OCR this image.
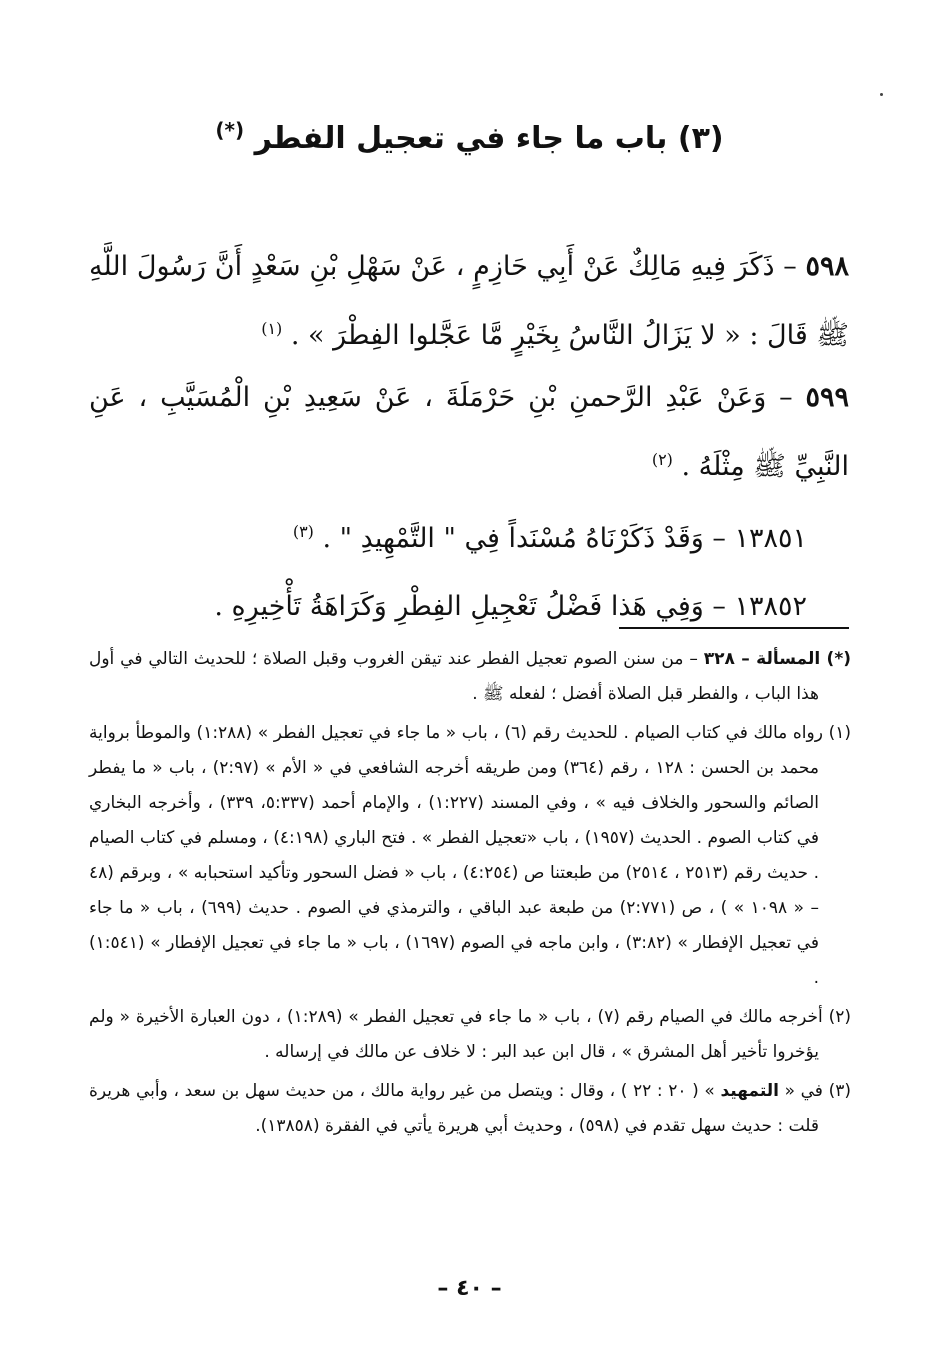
(٣) باب ما جاء في تعجيل الفطر (*)

٥٩٨ – ذَكَرَ فِيهِ مَالِكٌ عَنْ أَبِي حَازِمٍ ، عَنْ سَهْلِ بْنِ سَعْدٍ أَنَّ رَسُولَ اللَّهِ ﷺ قَالَ : « لا يَزَالُ النَّاسُ بِخَيْرٍ مَّا عَجَّلوا الفِطْرَ » . $^{(١)}$

٥٩٩ – وَعَنْ عَبْدِ الرَّحمنِ بْنِ حَرْمَلَةَ ، عَنْ سَعِيدِ بْنِ الْمُسَيَّبِ ، عَنِ النَّبِيِّ ﷺ مِثْلَهُ . $^{(٢)}$

١٣٨٥١ – وَقَدْ ذَكَرْنَاهُ مُسْنَداً فِي " التَّمْهِيدِ " . $^{(٣)}$

١٣٨٥٢ – وَفِي هَذا فَضْلُ تَعْجِيلِ الفِطْرِ وَكَرَاهَةُ تَأْخِيرِهِ .

(*) المسألة – ٣٢٨ – من سنن الصوم تعجيل الفطر عند تيقن الغروب وقبل الصلاة ؛ للحديث التالي في أول هذا الباب ، والفطر قبل الصلاة أفضل ؛ لفعله ﷺ .

(١) رواه مالك في كتاب الصيام . للحديث رقم (٦) ، باب « ما جاء في تعجيل الفطر » (١:٢٨٨) والموطأ برواية محمد بن الحسن : ١٢٨ ، رقم (٣٦٤) ومن طريقه أخرجه الشافعي في « الأم » (٢:٩٧) ، باب « ما يفطر الصائم والسحور والخلاف فيه » ، وفي المسند (١:٢٢٧) ، والإمام أحمد (٥:٣٣٧، ٣٣٩) ، وأخرجه البخاري في كتاب الصوم . الحديث (١٩٥٧) ، باب «تعجيل الفطر » . فتح الباري (٤:١٩٨) ، ومسلم في كتاب الصيام . حديث رقم (٢٥١٣ ، ٢٥١٤) من طبعتنا ص (٤:٢٥٤) ، باب « فضل السحور وتأكيد استحبابه » ، وبرقم (٤٨ – « ١٠٩٨ » ) ، ص (٢:٧٧١) من طبعة عبد الباقي ، والترمذي في الصوم . حديث (٦٩٩) ، باب « ما جاء في تعجيل الإفطار » (٣:٨٢) ، وابن ماجه في الصوم (١٦٩٧) ، باب « ما جاء في تعجيل الإفطار » (١:٥٤١) .

(٢) أخرجه مالك في الصيام رقم (٧) ، باب « ما جاء في تعجيل الفطر » (١:٢٨٩) ، دون العبارة الأخيرة « ولم يؤخروا تأخير أهل المشرق » ، قال ابن عبد البر : لا خلاف عن مالك في إرساله .

(٣) في « التمهيد » ( ٢٠ : ٢٢ ) ، وقال : ويتصل من غير رواية مالك ، من حديث سهل بن سعد ، وأبي هريرة قلت : حديث سهل تقدم في (٥٩٨) ، وحديث أبي هريرة يأتي في الفقرة (١٣٨٥٨).

– ٤٠ –
